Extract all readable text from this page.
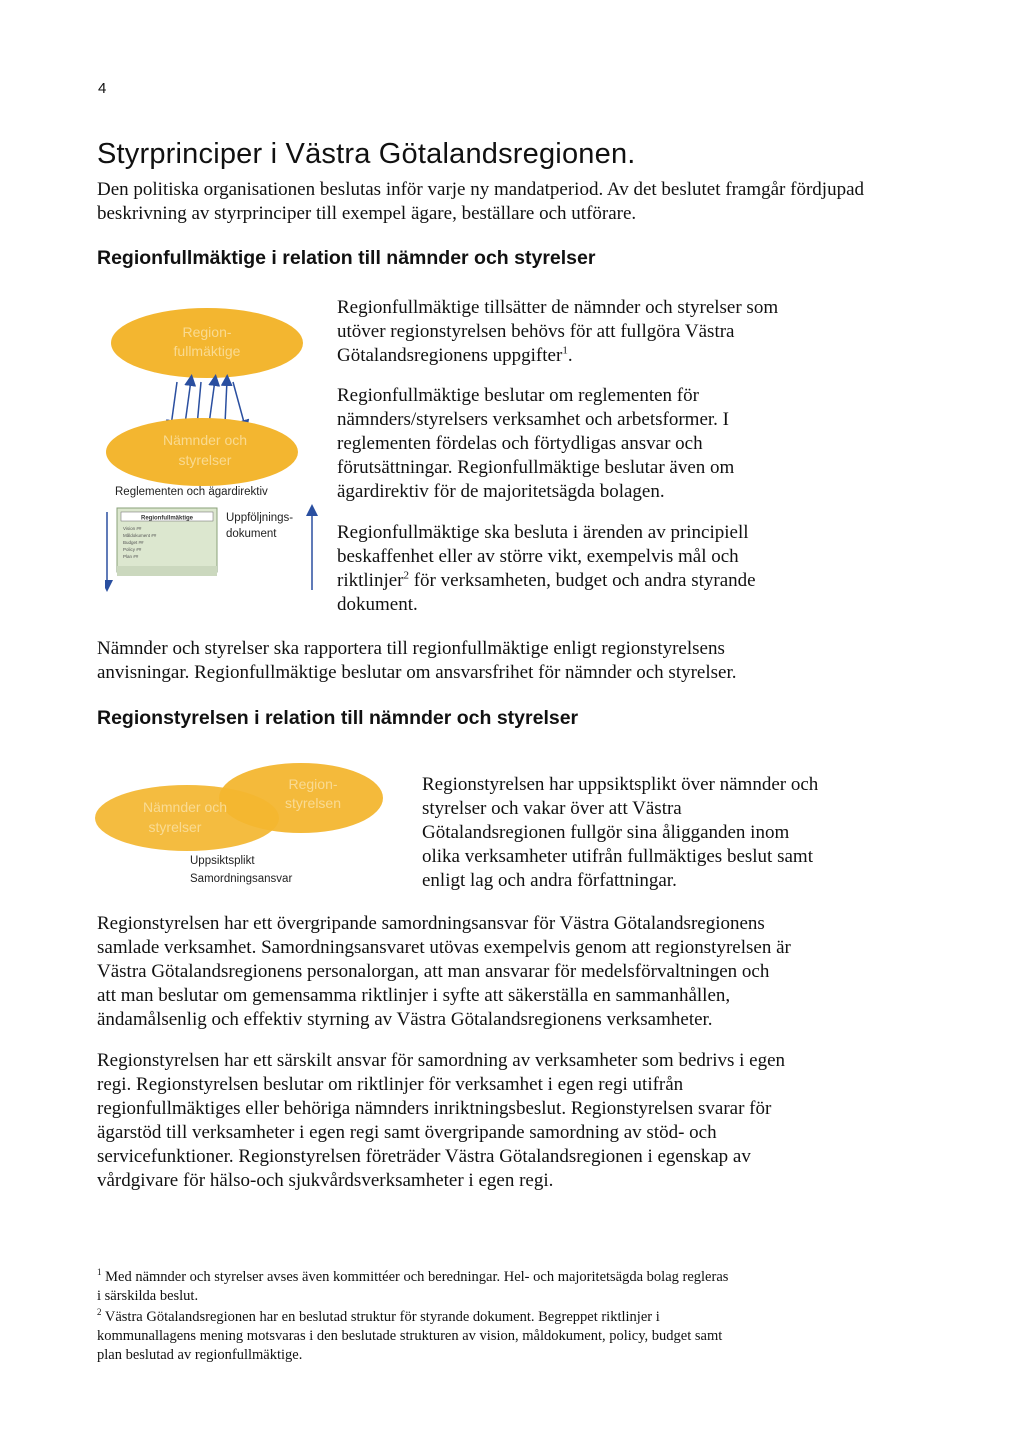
4
Styrprinciper i Västra Götalandsregionen.
Den politiska organisationen beslutas inför varje ny mandatperiod. Av det beslutet framgår fördjupad beskrivning av styrprinciper till exempel ägare, beställare och utförare.
Regionfullmäktige i relation till nämnder och styrelser
Region-
fullmäktige
Nämnder och
styrelser
Regionfullmäktige
Vision ##
Måldokument ##
Budget ##
Policy ##
Plan ##
Reglementen och ägardirektiv
Uppföljnings-
dokument

Regionfullmäktige tillsätter de nämnder och styrelser som
utöver regionstyrelsen behövs för att fullgöra Västra
Götalandsregionens uppgifter$^1$.

Regionfullmäktige beslutar om reglementen för
nämnders/styrelsers verksamhet och arbetsformer. I
reglementen fördelas och förtydligas ansvar och
förutsättningar. Regionfullmäktige beslutar även om
ägardirektiv för de majoritetsägda bolagen.

Regionfullmäktige ska besluta i ärenden av principiell
beskaffenhet eller av större vikt, exempelvis mål och
riktlinjer$^2$ för verksamheten, budget och andra styrande
dokument.

Nämnder och styrelser ska rapportera till regionfullmäktige enligt regionstyrelsens
anvisningar. Regionfullmäktige beslutar om ansvarsfrihet för nämnder och styrelser.
Regionstyrelsen i relation till nämnder och styrelser
Region-
styrelsen
Nämnder och
styrelser
Uppsiktsplikt
Samordningsansvar
Regionstyrelsen har uppsiktsplikt över nämnder och
styrelser och vakar över att Västra
Götalandsregionen fullgör sina åligganden inom
olika verksamheter utifrån fullmäktiges beslut samt
enligt lag och andra författningar.
Regionstyrelsen har ett övergripande samordningsansvar för Västra Götalandsregionens
samlade verksamhet. Samordningsansvaret utövas exempelvis genom att regionstyrelsen är
Västra Götalandsregionens personalorgan, att man ansvarar för medelsförvaltningen och
att man beslutar om gemensamma riktlinjer i syfte att säkerställa en sammanhållen,
ändamålsenlig och effektiv styrning av Västra Götalandsregionens verksamheter.
Regionstyrelsen har ett särskilt ansvar för samordning av verksamheter som bedrivs i egen
regi. Regionstyrelsen beslutar om riktlinjer för verksamhet i egen regi utifrån
regionfullmäktiges eller behöriga nämnders inriktningsbeslut. Regionstyrelsen svarar för
ägarstöd till verksamheter i egen regi samt övergripande samordning av stöd- och
servicefunktioner. Regionstyrelsen företräder Västra Götalandsregionen i egenskap av
vårdgivare för hälso-och sjukvårdsverksamheter i egen regi.
$^1$ Med nämnder och styrelser avses även kommittéer och beredningar. Hel- och majoritetsägda bolag regleras
i särskilda beslut.
$^2$ Västra Götalandsregionen har en beslutad struktur för styrande dokument. Begreppet riktlinjer i
kommunallagens mening motsvaras i den beslutade strukturen av vision, måldokument, policy, budget samt
plan beslutad av regionfullmäktige.
